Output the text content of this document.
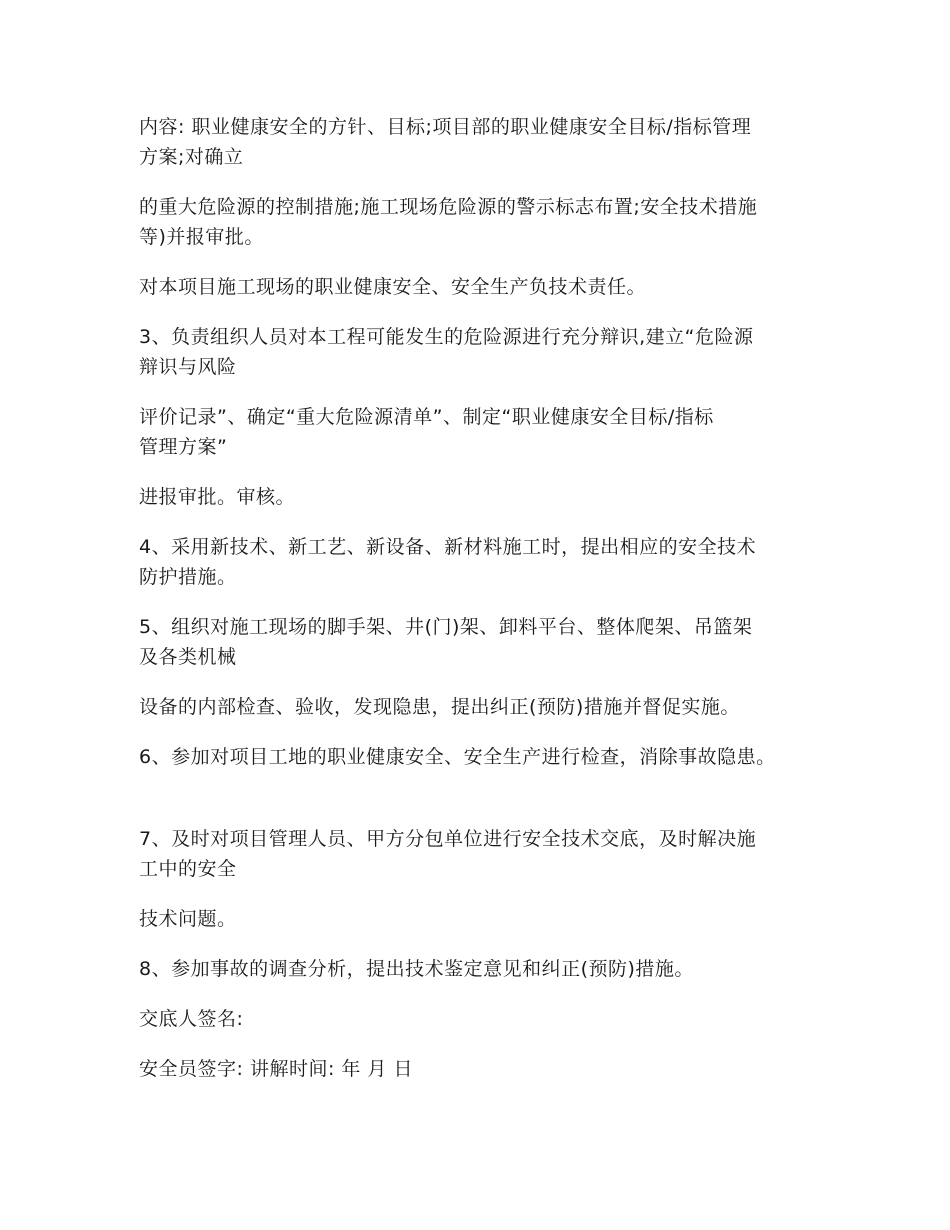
内容: 职业健康安全的方针、目标;项目部的职业健康安全目标/指标管理
方案;对确立

的重大危险源的控制措施;施工现场危险源的警示标志布置;安全技术措施
等)并报审批。

对本项目施工现场的职业健康安全、安全生产负技术责任。

3、负责组织人员对本工程可能发生的危险源进行充分辩识,建立“危险源
辩识与风险

评价记录”、确定“重大危险源清单”、制定“职业健康安全目标/指标
管理方案”

进报审批。审核。

4、采用新技术、新工艺、新设备、新材料施工时，提出相应的安全技术
防护措施。

5、组织对施工现场的脚手架、井(门)架、卸料平台、整体爬架、吊篮架
及各类机械

设备的内部检查、验收，发现隐患，提出纠正(预防)措施并督促实施。

6、参加对项目工地的职业健康安全、安全生产进行检查，消除事故隐患。

7、及时对项目管理人员、甲方分包单位进行安全技术交底，及时解决施
工中的安全

技术问题。

8、参加事故的调查分析，提出技术鉴定意见和纠正(预防)措施。

交底人签名:

安全员签字: 讲解时间: 年 月 日
